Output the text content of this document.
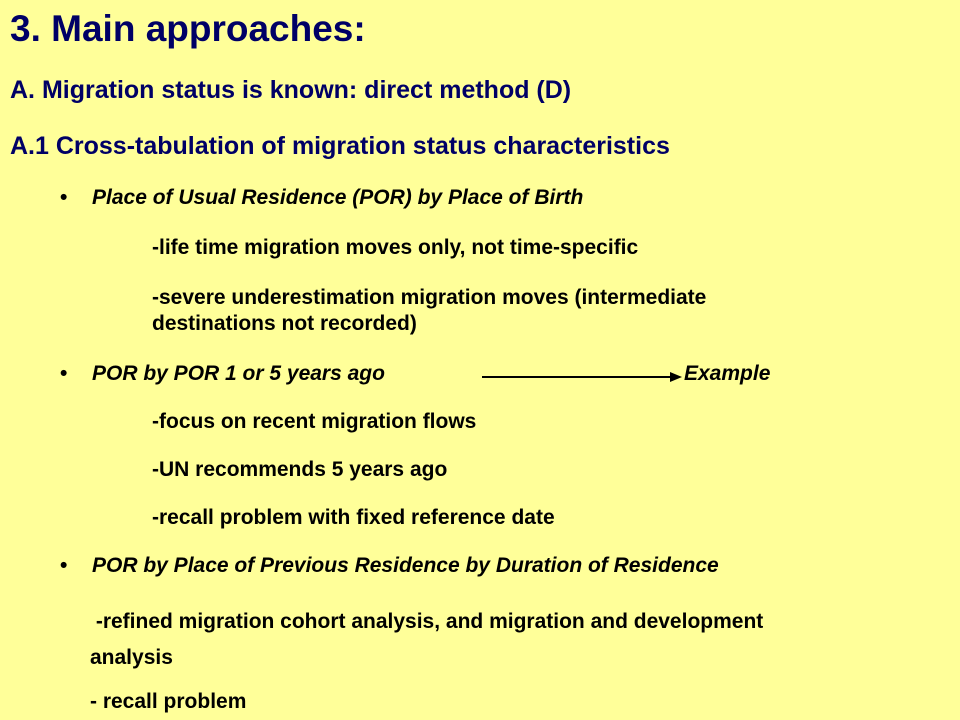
3. Main approaches:
A. Migration status is known: direct method (D)
A.1 Cross-tabulation of migration status characteristics
• Place of Usual Residence (POR) by Place of Birth
-life time migration moves only, not time-specific
-severe underestimation migration moves (intermediate
destinations not recorded)
• POR by POR 1 or 5 years ago	Example
-focus on recent migration flows
-UN recommends 5 years ago
-recall problem with fixed reference date
• POR by Place of Previous Residence by Duration of Residence
-refined migration cohort analysis, and migration and development
analysis
- recall problem
